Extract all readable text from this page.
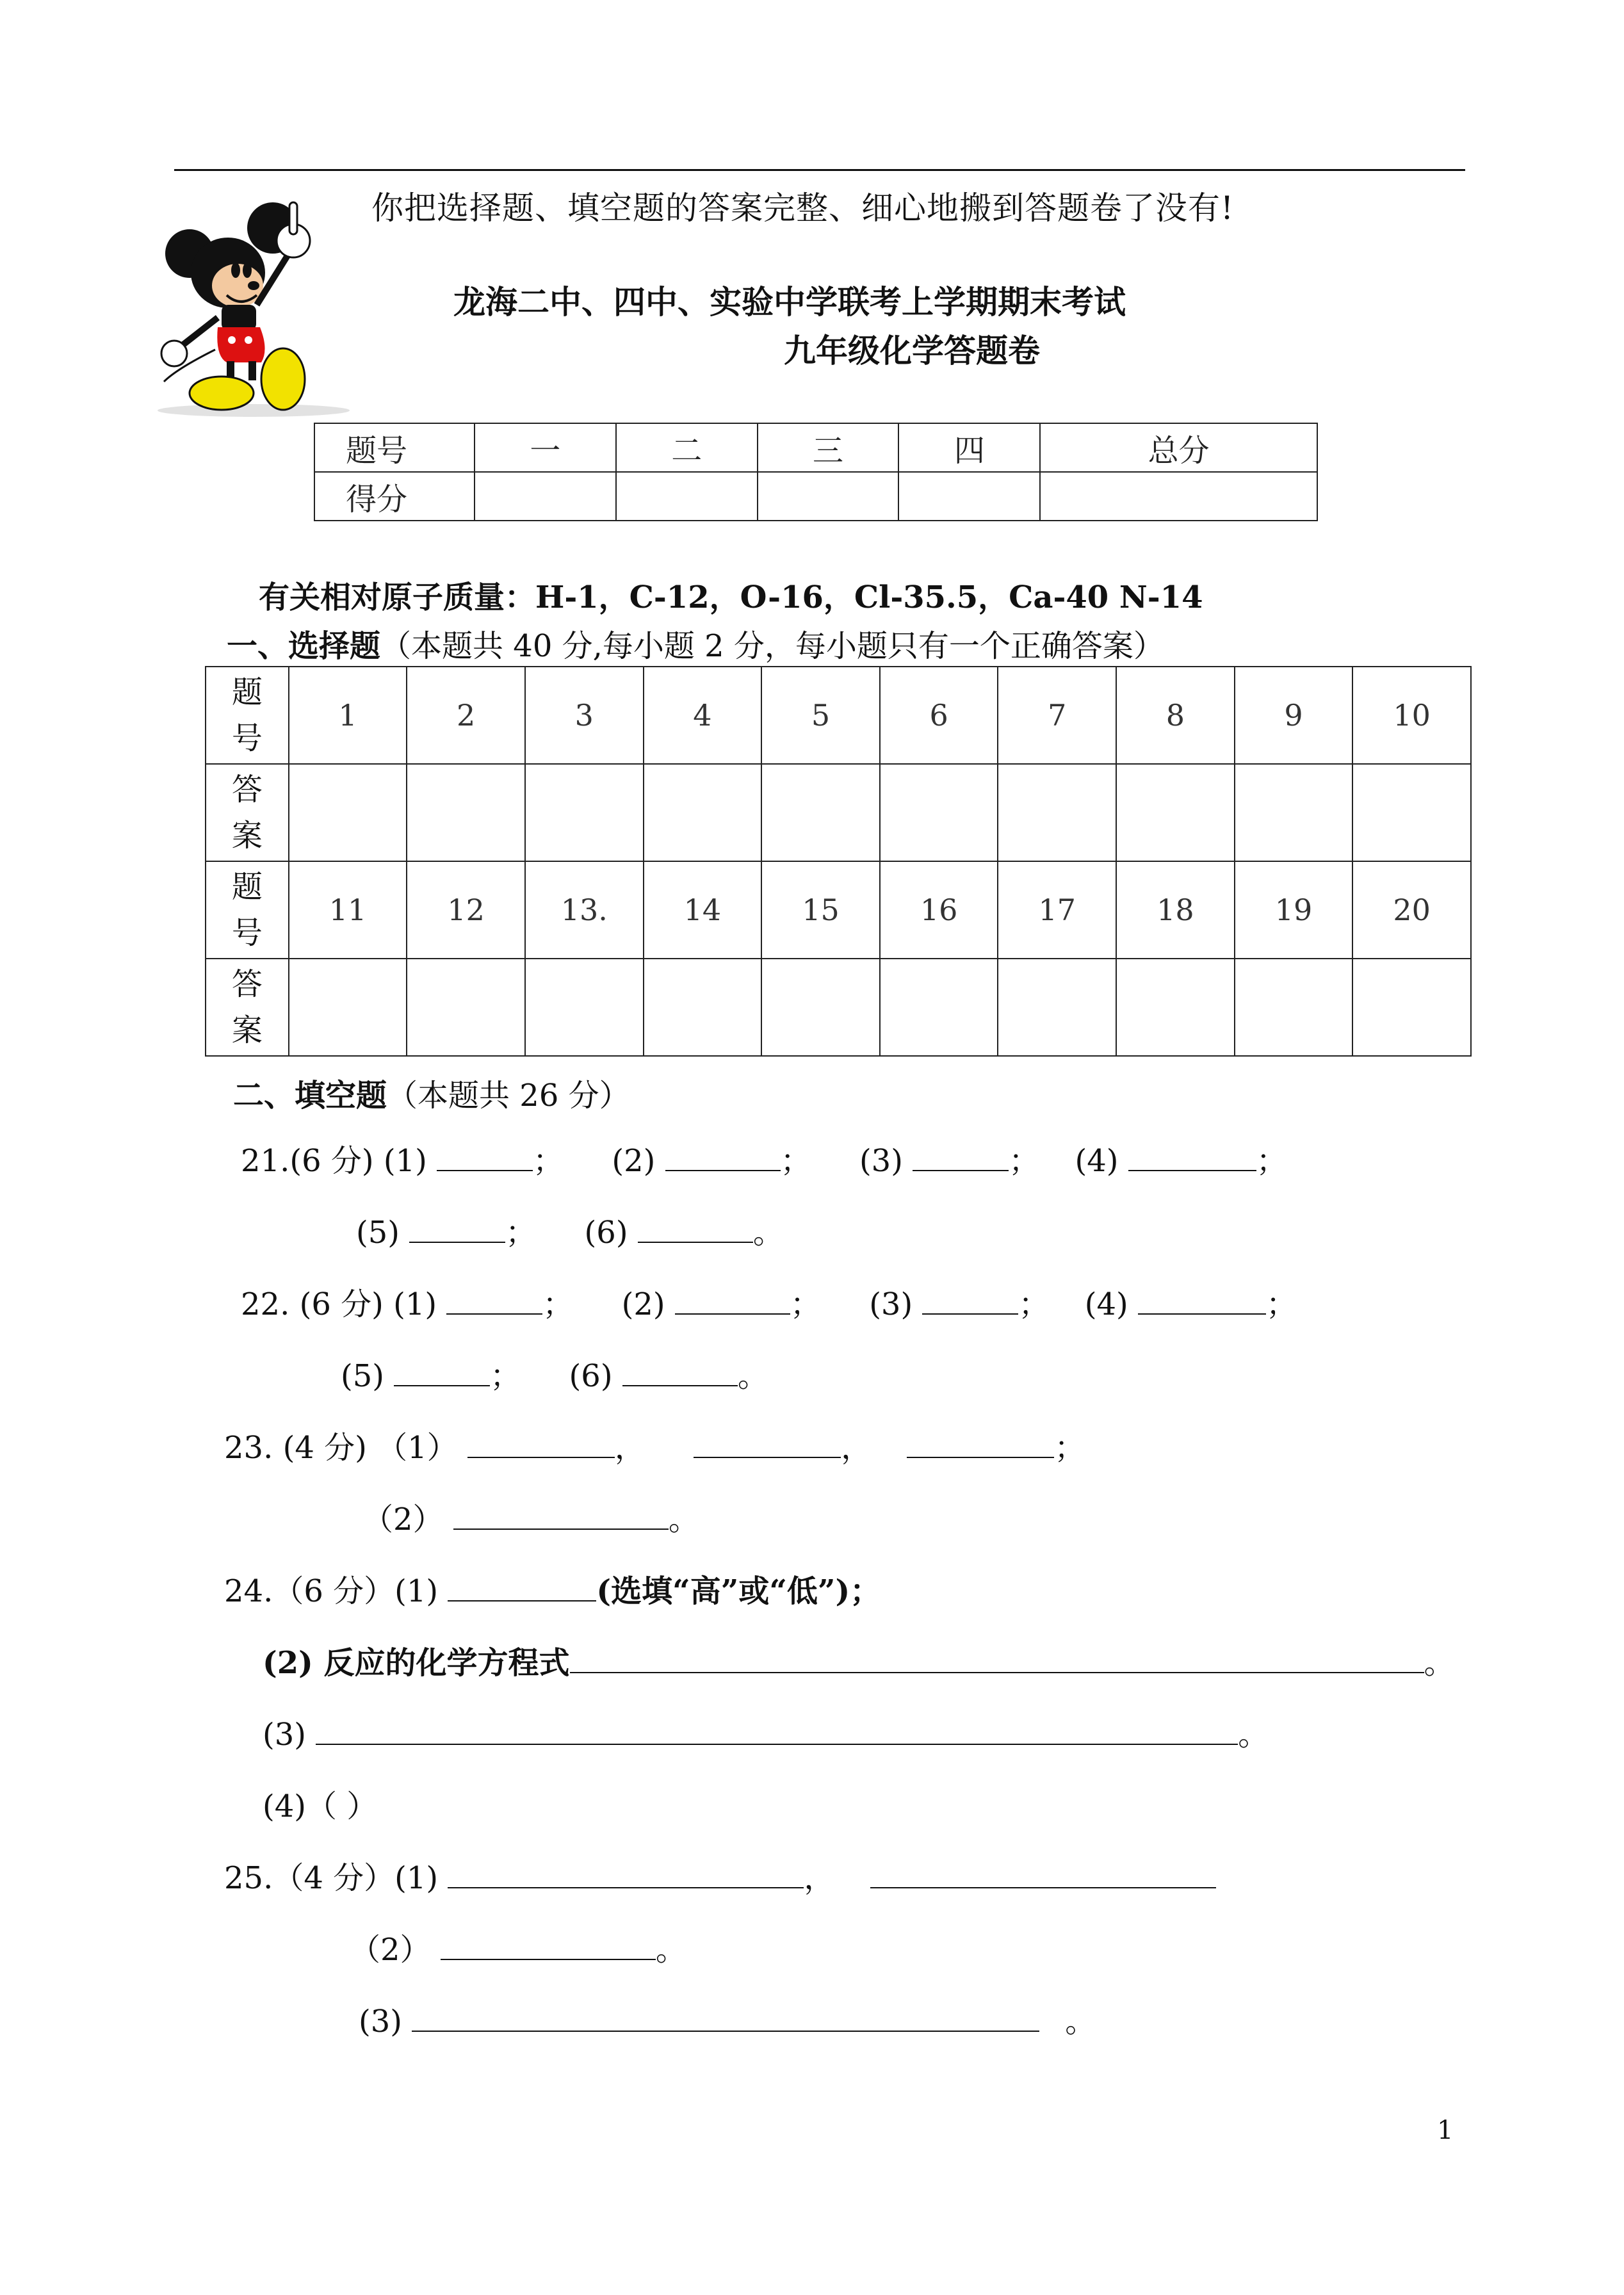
你把选择题、填空题的答案完整、细心地搬到答题卷了没有!
龙海二中、四中、实验中学联考上学期期末考试
九年级化学答题卷
题号	一	二	三	四	总分
得分					
有关相对原子质量：H-1，C-12，O-16，Cl-35.5，Ca-40 N-14
一、选择题（本题共 40 分,每小题 2 分，每小题只有一个正确答案）
题
号	1	2	3	4	5	6	7	8	9	10
答
案										
题
号	11	12	13.	14	15	16	17	18	19	20
答
案										
二、填空题（本题共 26 分）
21.(6 分) (1)	； (2)	； (3)	； (4)	；
(5)	； (6)	。
22. (6 分) (1)	； (2)	； (3)	； (4)	；
(5)	； (6)	。
23. (4 分) （1）	，	，	；
（2）	。
24.（6 分）(1)	(选填“高”或“低”)；
(2) 反应的化学方程式	。
(3)	。
(4)（ ）
25.（4 分）(1)	，
（2）	。
(3)	。
1
